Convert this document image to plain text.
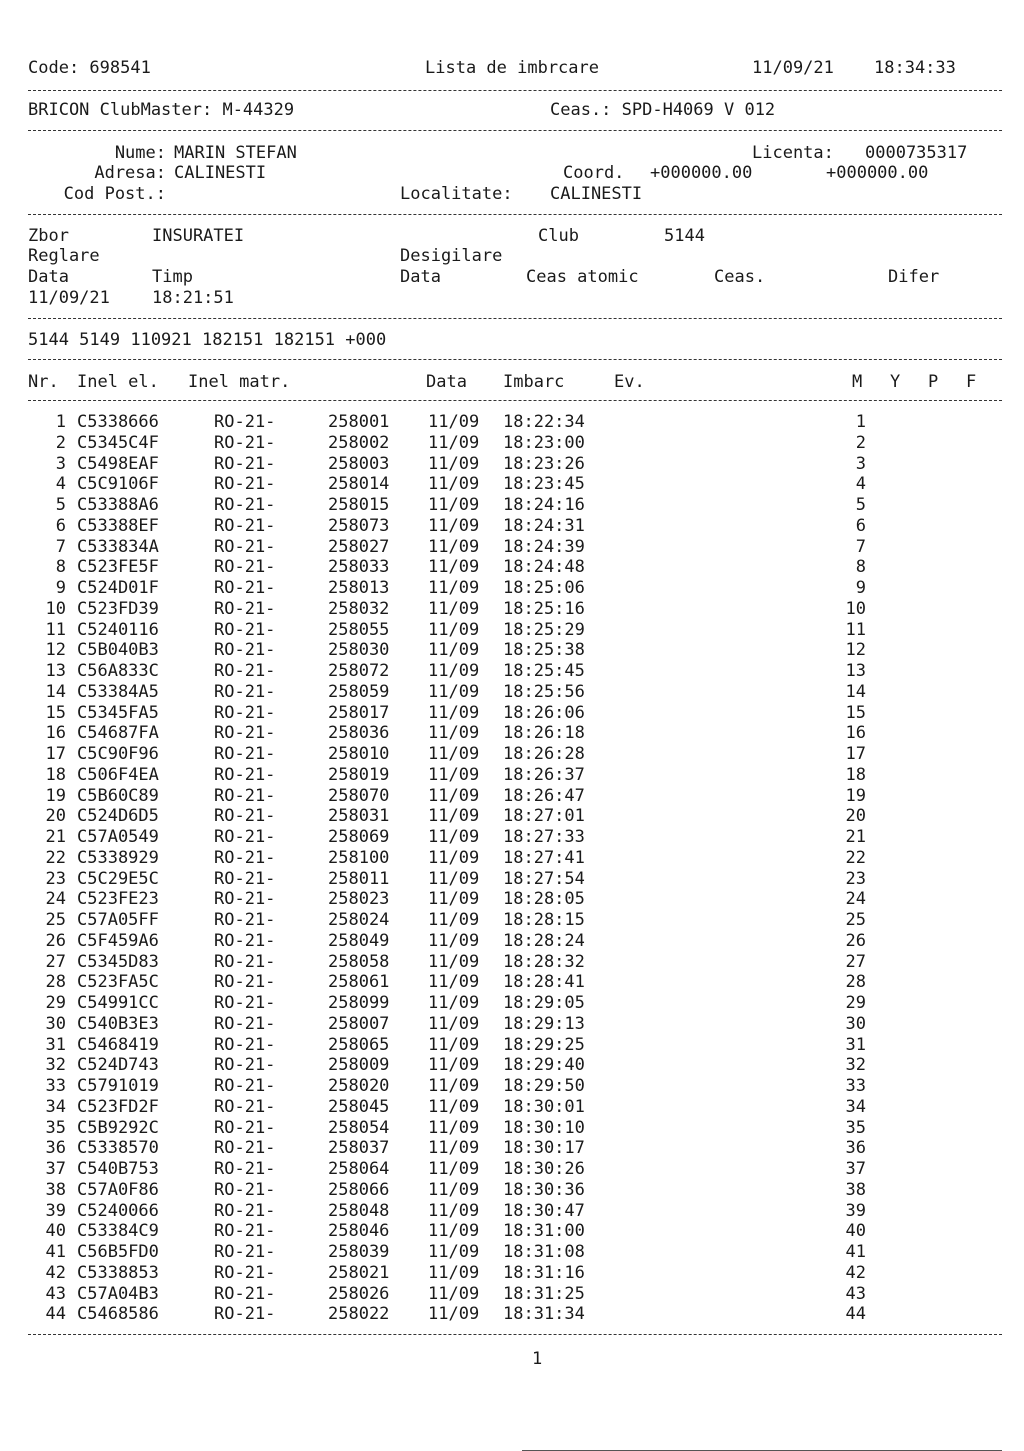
Code: 698541	Lista de imbrcare	11/09/21 18:34:33
BRICON ClubMaster: M-44329	Ceas.: SPD-H4069 V 012
Nume: MARIN STEFAN	Licenta: 0000735317
Adresa: CALINESTI	Coord. +000000.00	+000000.00
Cod Post.:	Localitate: CALINESTI
Zbor	INSURATEI	Club	5144
Reglare	Desigilare
Data	Timp	Data	Ceas atomic	Ceas.	Difer
11/09/21 18:21:51
5144 5149 110921 182151 182151 +000
Nr. Inel el. Inel matr.	Data Imbarc	Ev.	M Y P F
1 C5338666	RO-21-	258001 11/09 18:22:34	1
2 C5345C4F	RO-21-	258002 11/09 18:23:00	2
3 C5498EAF	RO-21-	258003 11/09 18:23:26	3
4 C5C9106F	RO-21-	258014 11/09 18:23:45	4
5 C53388A6	RO-21-	258015 11/09 18:24:16	5
6 C53388EF	RO-21-	258073 11/09 18:24:31	6
7 C533834A	RO-21-	258027 11/09 18:24:39	7
8 C523FE5F	RO-21-	258033 11/09 18:24:48	8
9 C524D01F	RO-21-	258013 11/09 18:25:06	9
10 C523FD39	RO-21-	258032 11/09 18:25:16	10
11 C5240116	RO-21-	258055 11/09 18:25:29	11
12 C5B040B3	RO-21-	258030 11/09 18:25:38	12
13 C56A833C	RO-21-	258072 11/09 18:25:45	13
14 C53384A5	RO-21-	258059 11/09 18:25:56	14
15 C5345FA5	RO-21-	258017 11/09 18:26:06	15
16 C54687FA	RO-21-	258036 11/09 18:26:18	16
17 C5C90F96	RO-21-	258010 11/09 18:26:28	17
18 C506F4EA	RO-21-	258019 11/09 18:26:37	18
19 C5B60C89	RO-21-	258070 11/09 18:26:47	19
20 C524D6D5	RO-21-	258031 11/09 18:27:01	20
21 C57A0549	RO-21-	258069 11/09 18:27:33	21
22 C5338929	RO-21-	258100 11/09 18:27:41	22
23 C5C29E5C	RO-21-	258011 11/09 18:27:54	23
24 C523FE23	RO-21-	258023 11/09 18:28:05	24
25 C57A05FF	RO-21-	258024 11/09 18:28:15	25
26 C5F459A6	RO-21-	258049 11/09 18:28:24	26
27 C5345D83	RO-21-	258058 11/09 18:28:32	27
28 C523FA5C	RO-21-	258061 11/09 18:28:41	28
29 C54991CC	RO-21-	258099 11/09 18:29:05	29
30 C540B3E3	RO-21-	258007 11/09 18:29:13	30
31 C5468419	RO-21-	258065 11/09 18:29:25	31
32 C524D743	RO-21-	258009 11/09 18:29:40	32
33 C5791019	RO-21-	258020 11/09 18:29:50	33
34 C523FD2F	RO-21-	258045 11/09 18:30:01	34
35 C5B9292C	RO-21-	258054 11/09 18:30:10	35
36 C5338570	RO-21-	258037 11/09 18:30:17	36
37 C540B753	RO-21-	258064 11/09 18:30:26	37
38 C57A0F86	RO-21-	258066 11/09 18:30:36	38
39 C5240066	RO-21-	258048 11/09 18:30:47	39
40 C53384C9	RO-21-	258046 11/09 18:31:00	40
41 C56B5FD0	RO-21-	258039 11/09 18:31:08	41
42 C5338853	RO-21-	258021 11/09 18:31:16	42
43 C57A04B3	RO-21-	258026 11/09 18:31:25	43
44 C5468586	RO-21-	258022 11/09 18:31:34	44
1
